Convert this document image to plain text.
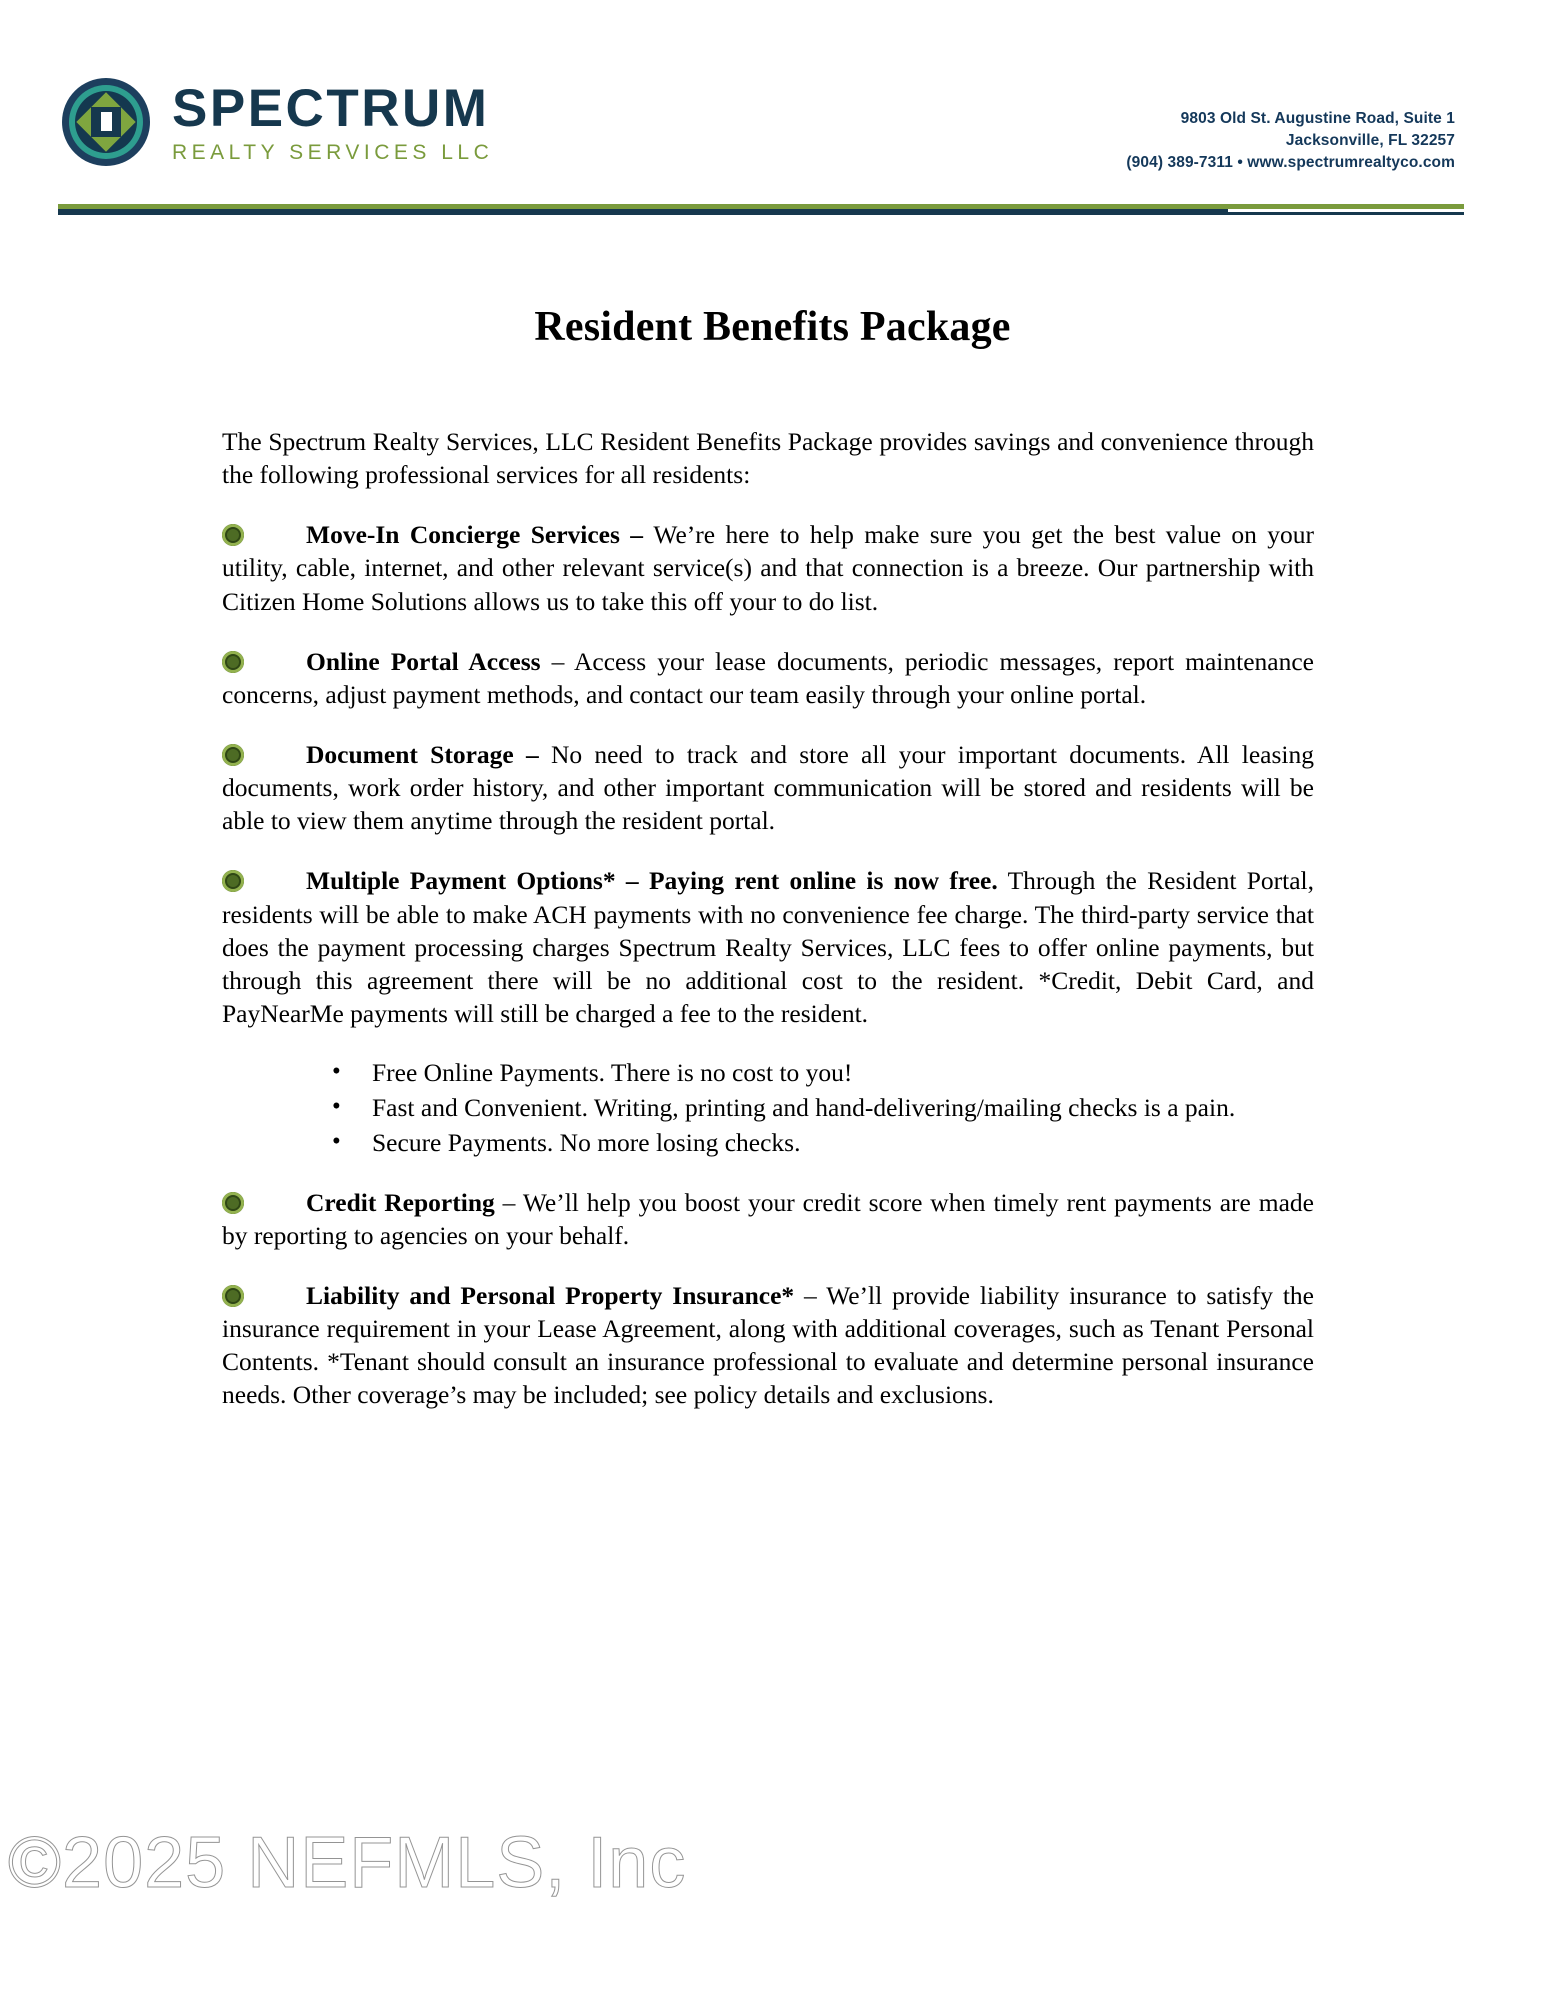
SPECTRUM
REALTY SERVICES LLC
9803 Old St. Augustine Road, Suite 1
Jacksonville, FL 32257
(904) 389-7311 • www.spectrumrealtyco.com
Resident Benefits Package

The Spectrum Realty Services, LLC Resident Benefits Package provides savings and convenience through the following professional services for all residents:

Move-In Concierge Services – We’re here to help make sure you get the best value on your utility, cable, internet, and other relevant service(s) and that connection is a breeze. Our partnership with Citizen Home Solutions allows us to take this off your to do list.

Online Portal Access – Access your lease documents, periodic messages, report maintenance concerns, adjust payment methods, and contact our team easily through your online portal.

Document Storage – No need to track and store all your important documents. All leasing documents, work order history, and other important communication will be stored and residents will be able to view them anytime through the resident portal.

Multiple Payment Options* – Paying rent online is now free. Through the Resident Portal, residents will be able to make ACH payments with no convenience fee charge. The third-party service that does the payment processing charges Spectrum Realty Services, LLC fees to offer online payments, but through this agreement there will be no additional cost to the resident. *Credit, Debit Card, and PayNearMe payments will still be charged a fee to the resident.

• Free Online Payments. There is no cost to you!
• Fast and Convenient. Writing, printing and hand-delivering/mailing checks is a pain.
• Secure Payments. No more losing checks.

Credit Reporting – We’ll help you boost your credit score when timely rent payments are made by reporting to agencies on your behalf.

Liability and Personal Property Insurance* – We’ll provide liability insurance to satisfy the insurance requirement in your Lease Agreement, along with additional coverages, such as Tenant Personal Contents. *Tenant should consult an insurance professional to evaluate and determine personal insurance needs. Other coverage’s may be included; see policy details and exclusions.

©2025 NEFMLS, Inc
